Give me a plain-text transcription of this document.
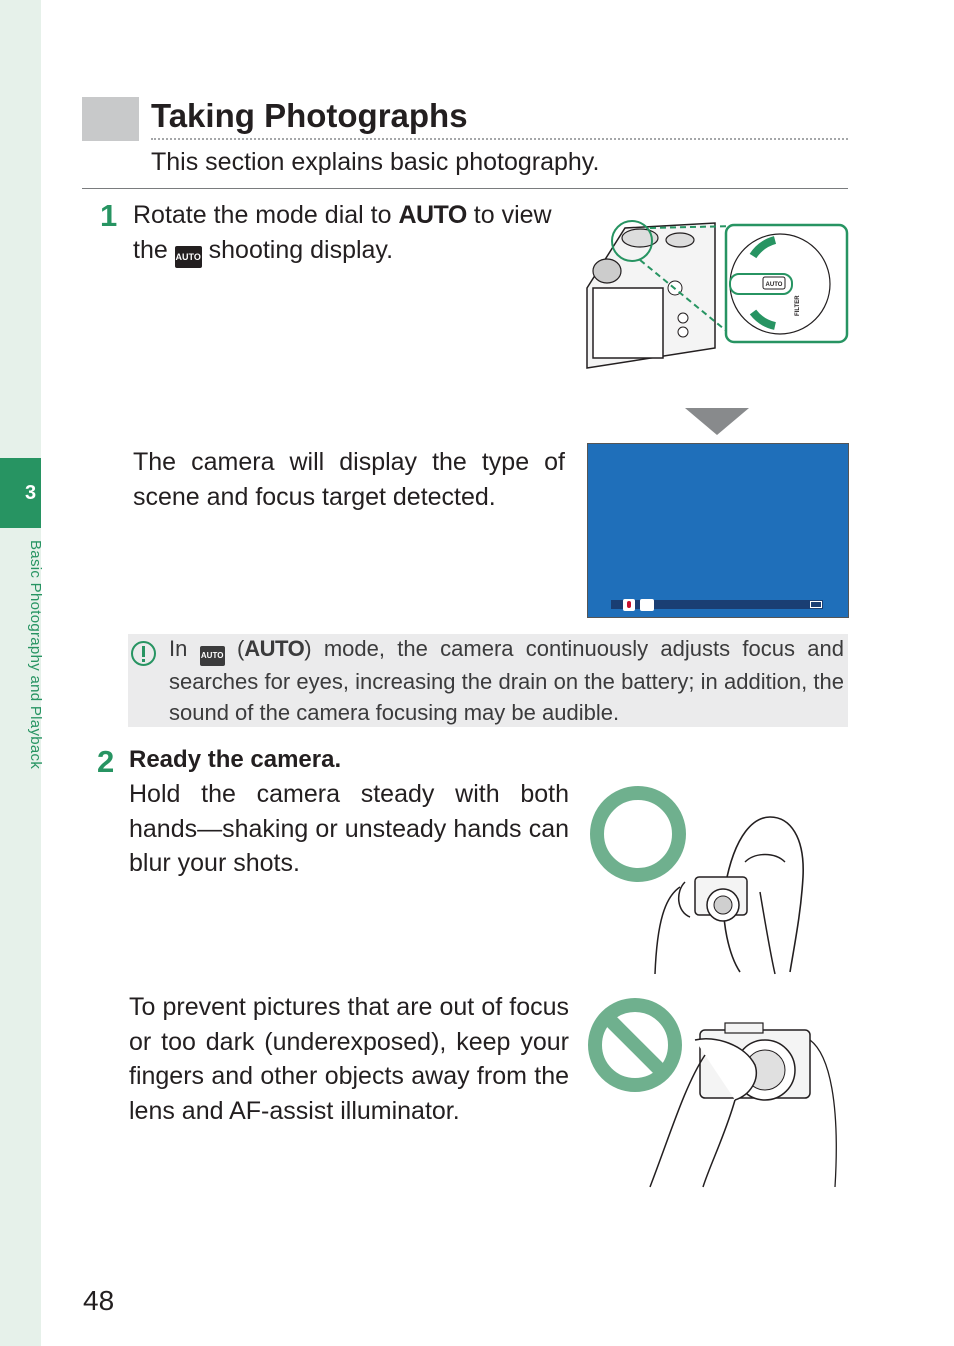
3
Basic Photography and Playback
Taking Photographs

This section explains basic photography.

1 Rotate the mode dial to AUTO to view the AUTO shooting display.

AUTO
FILTER

The camera will display the type of scene and focus target detected.

In AUTO (AUTO) mode, the camera continuously adjusts focus and searches for eyes, increasing the drain on the battery; in addition, the sound of the camera focusing may be audible.

2 Ready the camera.

Hold the camera steady with both hands—shaking or unsteady hands can blur your shots.

To prevent pictures that are out of focus or too dark (underexposed), keep your fingers and other objects away from the lens and AF-assist illuminator.

48
